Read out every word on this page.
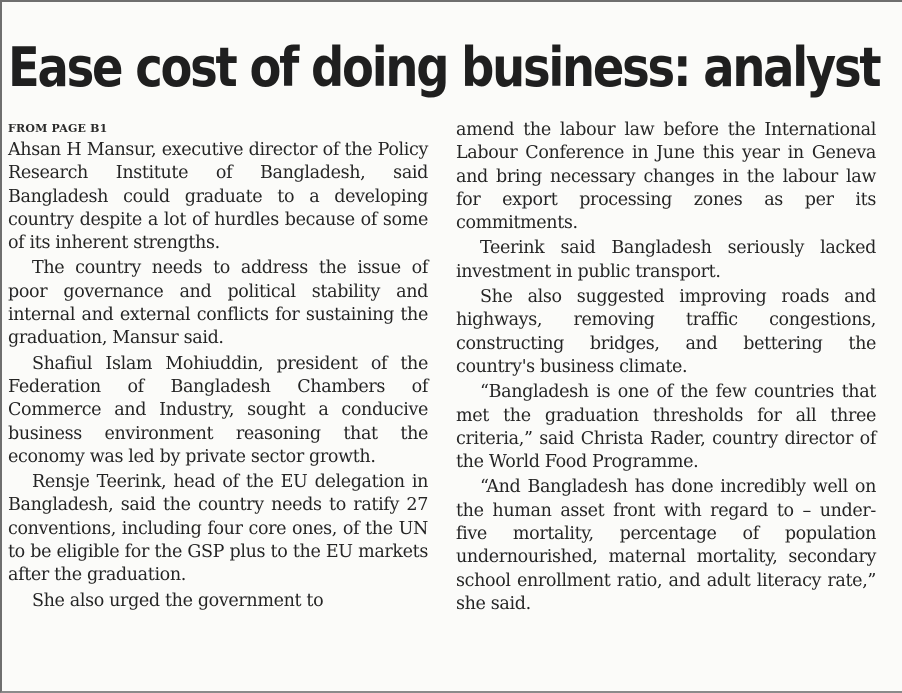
Ease cost of doing business: analyst
FROM PAGE B1

Ahsan H Mansur, executive director of the Policy Research Institute of Bangladesh, said Bangladesh could graduate to a developing country despite a lot of hurdles because of some of its inherent strengths.

The country needs to address the issue of poor governance and political stability and internal and external conflicts for sustaining the graduation, Mansur said.

Shafiul Islam Mohiuddin, president of the Federation of Bangladesh Chambers of Commerce and Industry, sought a conducive business environment reasoning that the economy was led by private sector growth.

Rensje Teerink, head of the EU delegation in Bangladesh, said the country needs to ratify 27 conventions, including four core ones, of the UN to be eligible for the GSP plus to the EU markets after the graduation.

She also urged the government to

amend the labour law before the International Labour Conference in June this year in Geneva and bring necessary changes in the labour law for export processing zones as per its commitments.

Teerink said Bangladesh seriously lacked investment in public transport.

She also suggested improving roads and highways, removing traffic congestions, constructing bridges, and bettering the country's business climate.

“Bangladesh is one of the few countries that met the graduation thresholds for all three criteria,” said Christa Rader, country director of the World Food Programme.

“And Bangladesh has done incredibly well on the human asset front with regard to – under-five mortality, percentage of population undernourished, maternal mortality, secondary school enrollment ratio, and adult literacy rate,” she said.
